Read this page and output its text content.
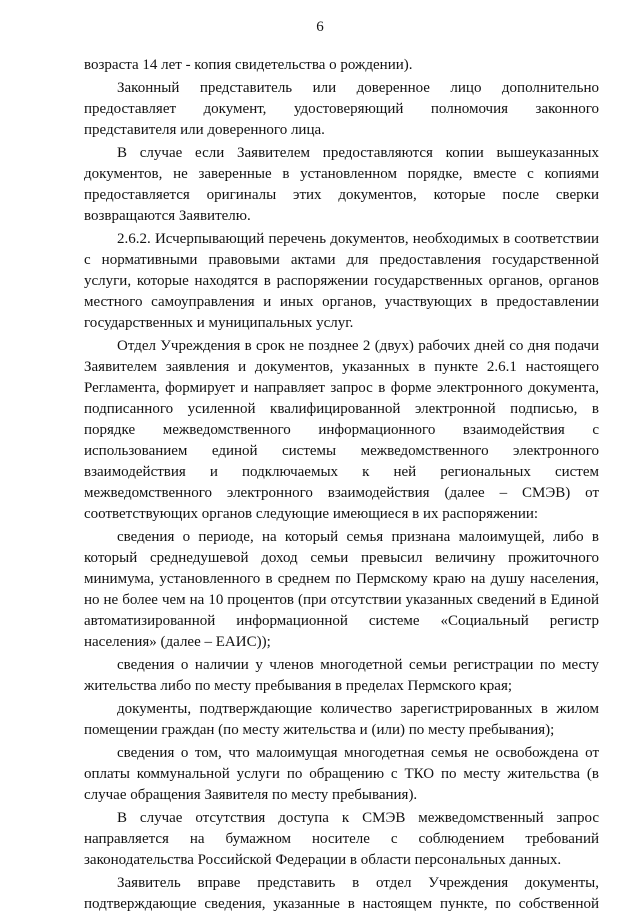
6

возраста 14 лет - копия свидетельства о рождении).

Законный представитель или доверенное лицо дополнительно предоставляет документ, удостоверяющий полномочия законного представителя или доверенного лица.

В случае если Заявителем предоставляются копии вышеуказанных документов, не заверенные в установленном порядке, вместе с копиями предоставляется оригиналы этих документов, которые после сверки возвращаются Заявителю.

2.6.2. Исчерпывающий перечень документов, необходимых в соответствии с нормативными правовыми актами для предоставления государственной услуги, которые находятся в распоряжении государственных органов, органов местного самоуправления и иных органов, участвующих в предоставлении государственных и муниципальных услуг.

Отдел Учреждения в срок не позднее 2 (двух) рабочих дней со дня подачи Заявителем заявления и документов, указанных в пункте 2.6.1 настоящего Регламента, формирует и направляет запрос в форме электронного документа, подписанного усиленной квалифицированной электронной подписью, в порядке межведомственного информационного взаимодействия с использованием единой системы межведомственного электронного взаимодействия и подключаемых к ней региональных систем межведомственного электронного взаимодействия (далее – СМЭВ) от соответствующих органов следующие имеющиеся в их распоряжении:

сведения о периоде, на который семья признана малоимущей, либо в который среднедушевой доход семьи превысил величину прожиточного минимума, установленного в среднем по Пермскому краю на душу населения, но не более чем на 10 процентов (при отсутствии указанных сведений в Единой автоматизированной информационной системе «Социальный регистр населения» (далее – ЕАИС));

сведения о наличии у членов многодетной семьи регистрации по месту жительства либо по месту пребывания в пределах Пермского края;

документы, подтверждающие количество зарегистрированных в жилом помещении граждан (по месту жительства и (или) по месту пребывания);

сведения о том, что малоимущая многодетная семья не освобождена от оплаты коммунальной услуги по обращению с ТКО по месту жительства (в случае обращения Заявителя по месту пребывания).

В случае отсутствия доступа к СМЭВ межведомственный запрос направляется на бумажном носителе с соблюдением требований законодательства Российской Федерации в области персональных данных.

Заявитель вправе представить в отдел Учреждения документы, подтверждающие сведения, указанные в настоящем пункте, по собственной
